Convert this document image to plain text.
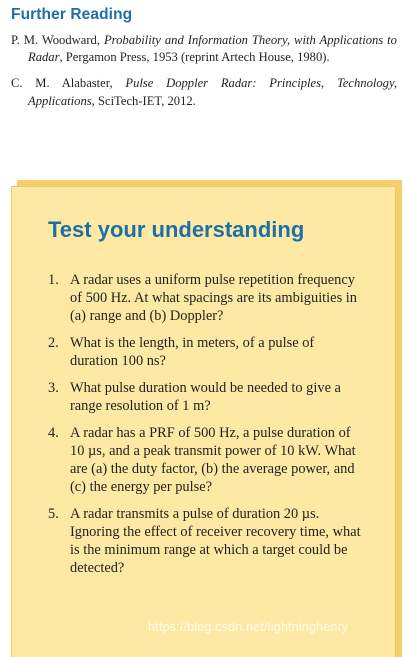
Further Reading

P. M. Woodward, Probability and Information Theory, with Applications to Radar, Pergamon Press, 1953 (reprint Artech House, 1980).

C. M. Alabaster, Pulse Doppler Radar: Principles, Technology, Applications, SciTech-IET, 2012.

Test your understanding
1. A radar uses a uniform pulse repetition frequency of 500 Hz. At what spacings are its ambiguities in (a) range and (b) Doppler?
2. What is the length, in meters, of a pulse of duration 100 ns?
3. What pulse duration would be needed to give a range resolution of 1 m?
4. A radar has a PRF of 500 Hz, a pulse duration of 10 µs, and a peak transmit power of 10 kW. What are (a) the duty factor, (b) the average power, and (c) the energy per pulse?
5. A radar transmits a pulse of duration 20 µs. Ignoring the effect of receiver recovery time, what is the minimum range at which a target could be detected?
https://blog.csdn.net/lightninghenry
